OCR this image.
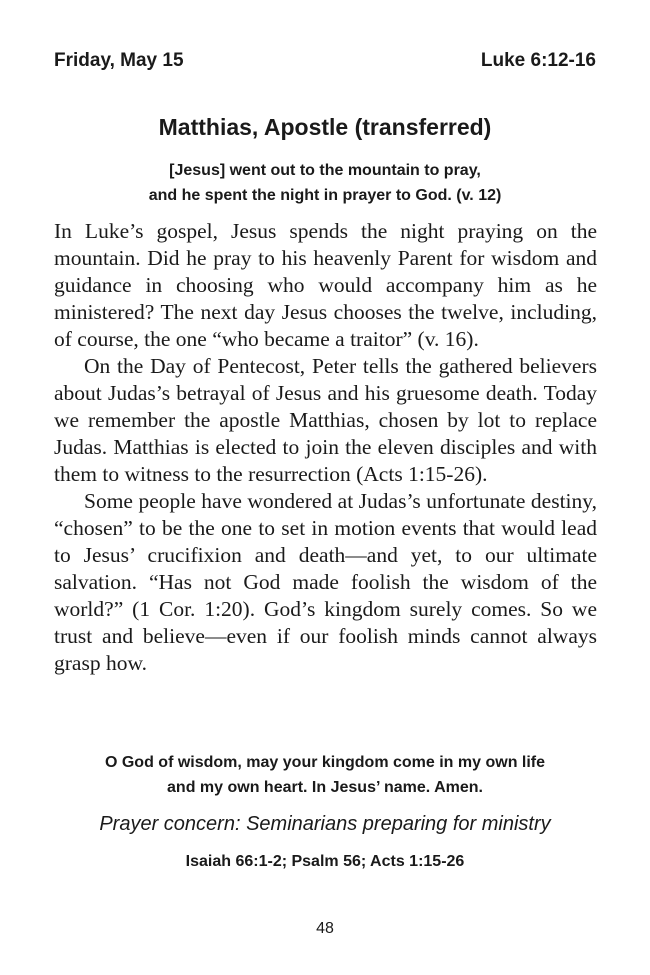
Friday, May 15	Luke 6:12-16
Matthias, Apostle (transferred)
[Jesus] went out to the mountain to pray,
and he spent the night in prayer to God. (v. 12)

In Luke’s gospel, Jesus spends the night praying on the mountain. Did he pray to his heavenly Parent for wisdom and guidance in choosing who would accompany him as he ministered? The next day Jesus chooses the twelve, including, of course, the one “who became a traitor” (v. 16).

On the Day of Pentecost, Peter tells the gathered believers about Judas’s betrayal of Jesus and his gruesome death. Today we remember the apostle Matthias, chosen by lot to replace Judas. Matthias is elected to join the eleven disciples and with them to witness to the resurrection (Acts 1:15-26).

Some people have wondered at Judas’s unfortunate destiny, “chosen” to be the one to set in motion events that would lead to Jesus’ crucifixion and death—and yet, to our ultimate salvation. “Has not God made foolish the wisdom of the world?” (1 Cor. 1:20). God’s kingdom surely comes. So we trust and believe—even if our foolish minds cannot always grasp how.

O God of wisdom, may your kingdom come in my own life
and my own heart. In Jesus’ name. Amen.
Prayer concern: Seminarians preparing for ministry
Isaiah 66:1-2; Psalm 56; Acts 1:15-26
48
